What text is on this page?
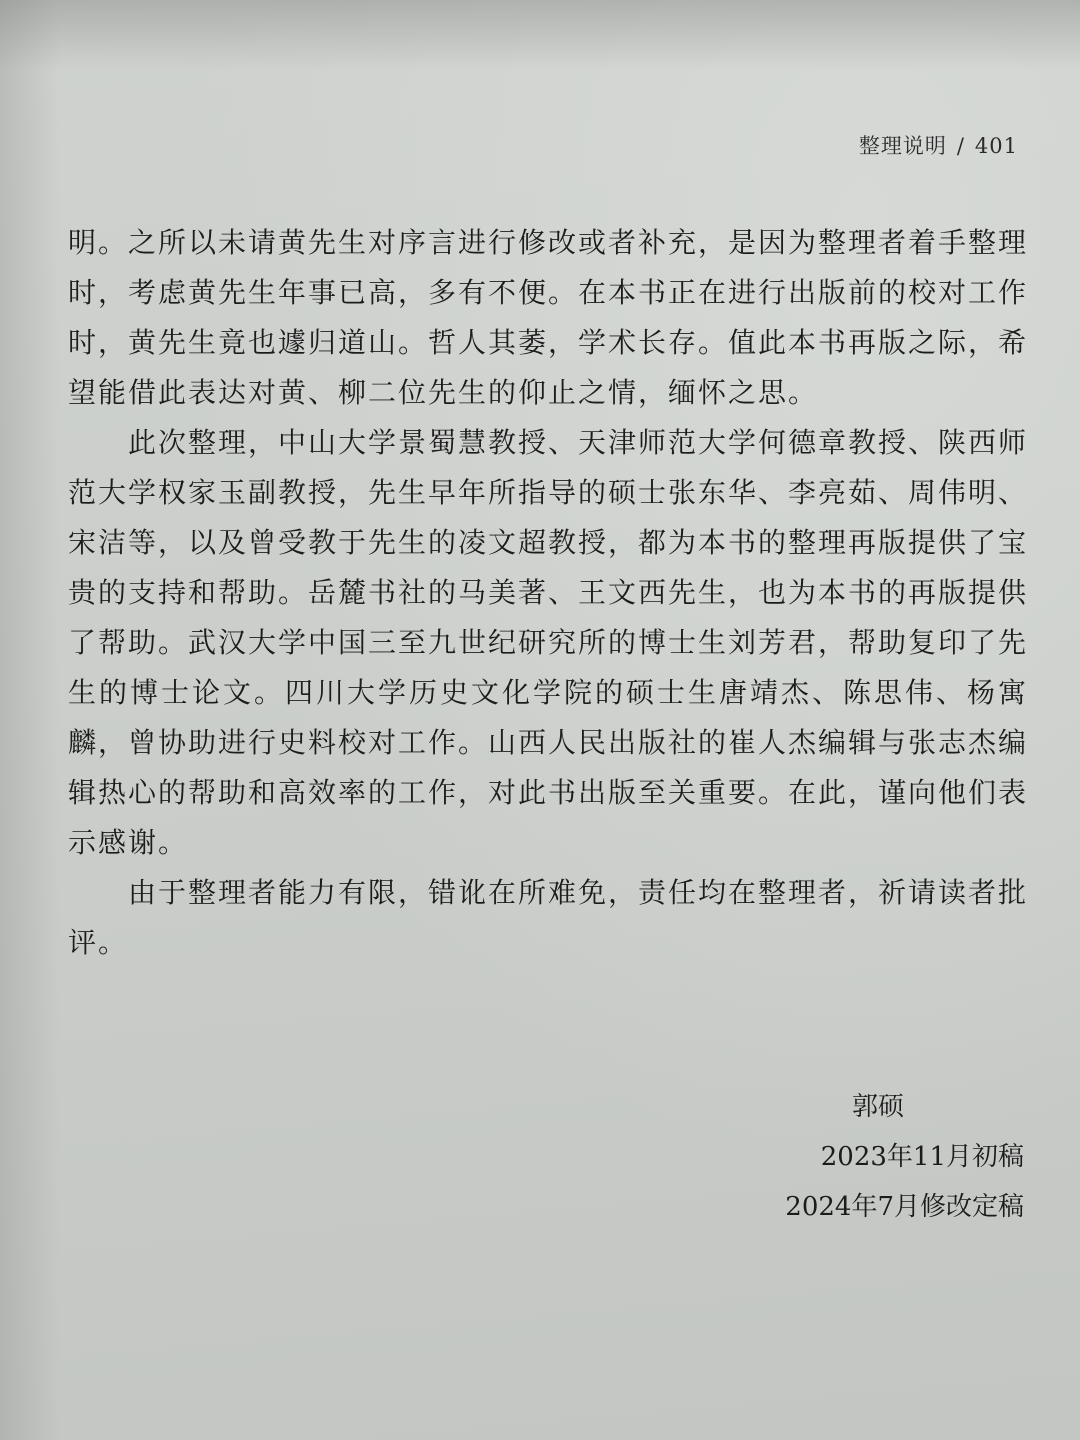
整理说明 / 401

明。之所以未请黄先生对序言进行修改或者补充，是因为整理者着手整理时，考虑黄先生年事已高，多有不便。在本书正在进行出版前的校对工作时，黄先生竟也遽归道山。哲人其萎，学术长存。值此本书再版之际，希望能借此表达对黄、柳二位先生的仰止之情，缅怀之思。

此次整理，中山大学景蜀慧教授、天津师范大学何德章教授、陕西师范大学权家玉副教授，先生早年所指导的硕士张东华、李亮茹、周伟明、宋洁等，以及曾受教于先生的凌文超教授，都为本书的整理再版提供了宝贵的支持和帮助。岳麓书社的马美著、王文西先生，也为本书的再版提供了帮助。武汉大学中国三至九世纪研究所的博士生刘芳君，帮助复印了先生的博士论文。四川大学历史文化学院的硕士生唐靖杰、陈思伟、杨寓麟，曾协助进行史料校对工作。山西人民出版社的崔人杰编辑与张志杰编辑热心的帮助和高效率的工作，对此书出版至关重要。在此，谨向他们表示感谢。

由于整理者能力有限，错讹在所难免，责任均在整理者，祈请读者批评。

郭硕
2023年11月初稿
2024年7月修改定稿
